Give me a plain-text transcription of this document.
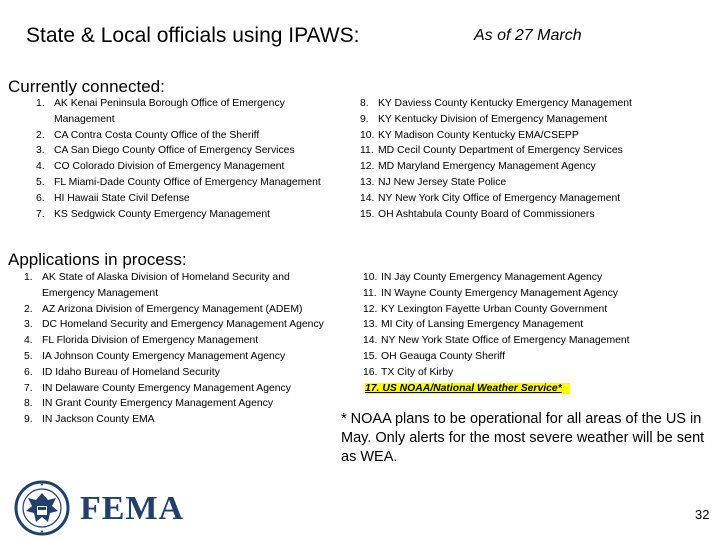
State & Local officials using IPAWS:	As of 27 March
Currently connected:
1. AK Kenai Peninsula Borough Office of Emergency
Management
2. CA Contra Costa County Office of the Sheriff
3. CA San Diego County Office of Emergency Services
4. CO Colorado Division of Emergency Management
5. FL Miami-Dade County Office of Emergency Management
6. HI Hawaii State Civil Defense
7. KS Sedgwick County Emergency Management
8. KY Daviess County Kentucky Emergency Management
9. KY Kentucky Division of Emergency Management
10. KY Madison County Kentucky EMA/CSEPP
11. MD Cecil County Department of Emergency Services
12. MD Maryland Emergency Management Agency
13. NJ New Jersey State Police
14. NY New York City Office of Emergency Management
15. OH Ashtabula County Board of Commissioners
Applications in process:
1. AK State of Alaska Division of Homeland Security and
Emergency Management
2. AZ Arizona Division of Emergency Management (ADEM)
3. DC Homeland Security and Emergency Management Agency
4. FL Florida Division of Emergency Management
5. IA Johnson County Emergency Management Agency
6. ID Idaho Bureau of Homeland Security
7. IN Delaware County Emergency Management Agency
8. IN Grant County Emergency Management Agency
9. IN Jackson County EMA
10. IN Jay County Emergency Management Agency
11. IN Wayne County Emergency Management Agency
12. KY Lexington Fayette Urban County Government
13. MI City of Lansing Emergency Management
14. NY New York State Office of Emergency Management
15. OH Geauga County Sheriff
16. TX City of Kirby
17. US NOAA/National Weather Service*
* NOAA plans to be operational for all areas of the US in May. Only alerts for the most severe weather will be sent as WEA.
FEMA	32
